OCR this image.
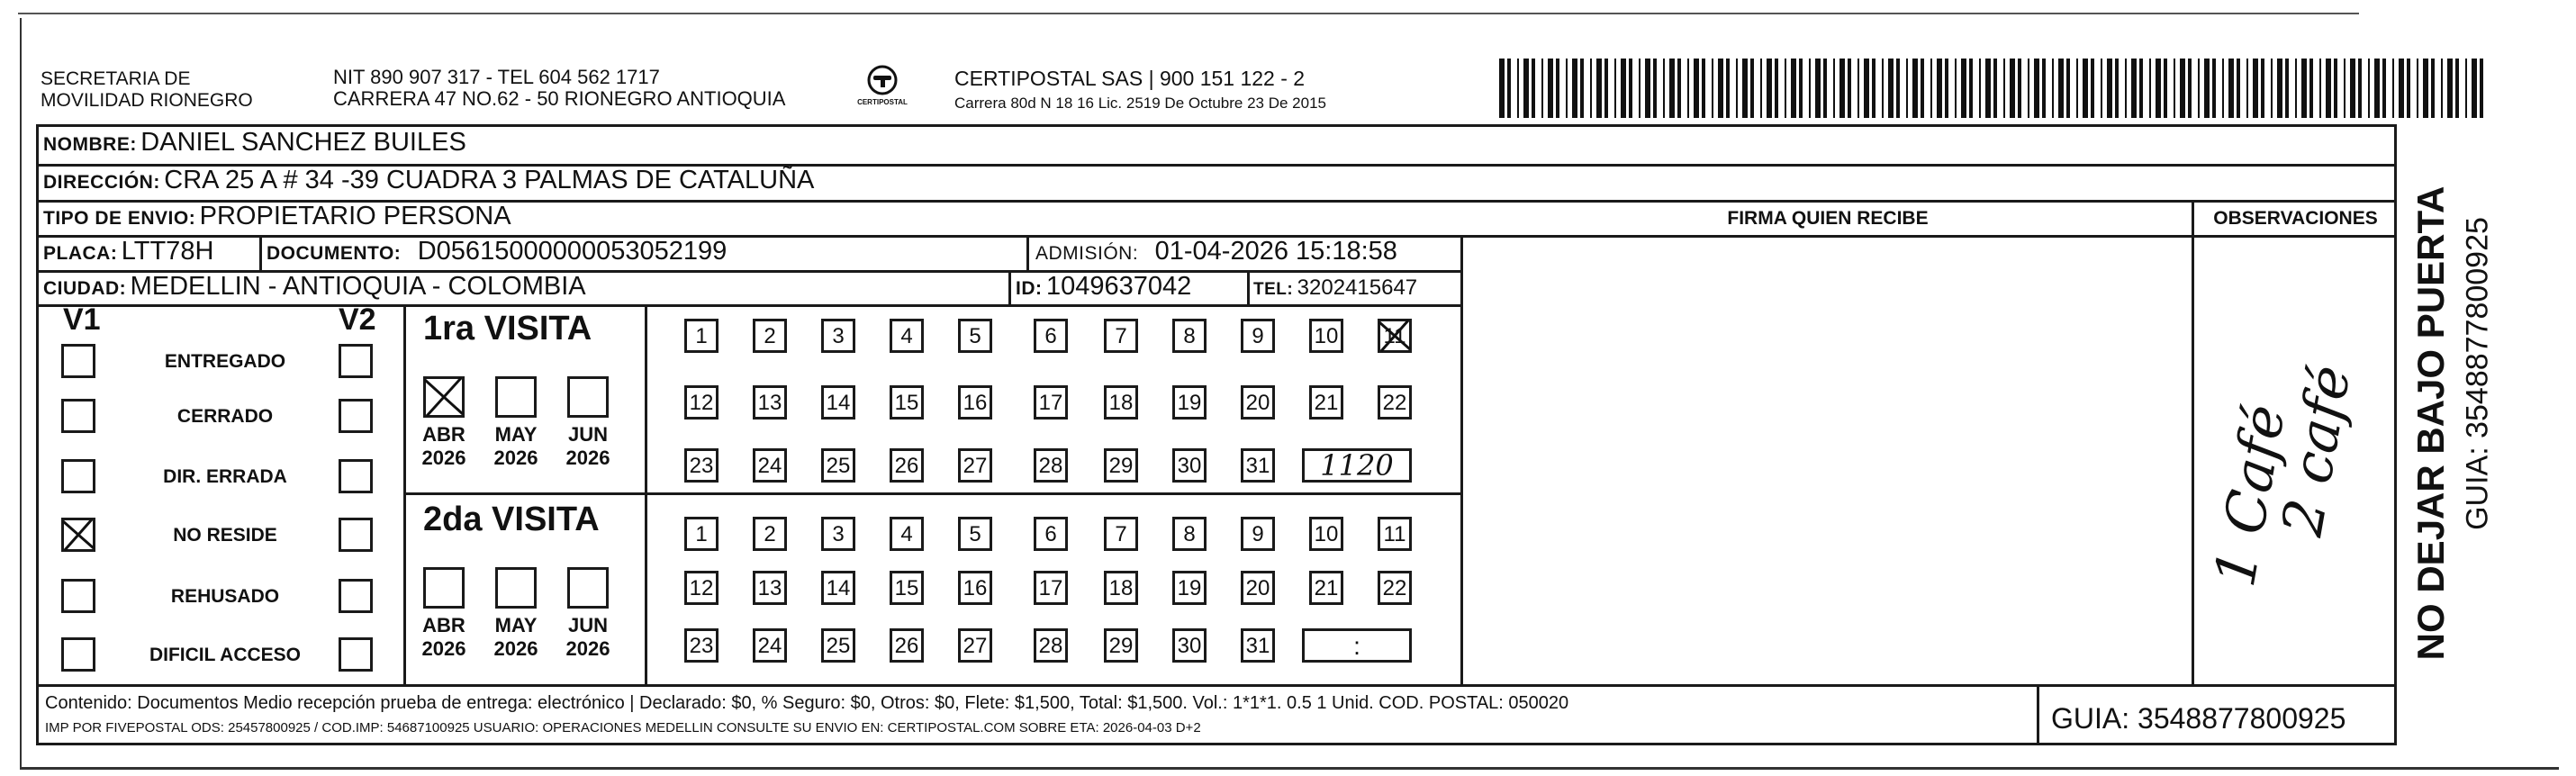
SECRETARIA DE
MOVILIDAD RIONEGRO
NIT 890 907 317 - TEL 604 562 1717
CARRERA 47 NO.62 - 50 RIONEGRO ANTIOQUIA	CERTIPOSTAL
CERTIPOSTAL SAS | 900 151 122 - 2
Carrera 80d N 18 16 Lic. 2519 De Octubre 23 De 2015
NOMBRE: DANIEL SANCHEZ BUILES
DIRECCIÓN: CRA 25 A # 34 -39 CUADRA 3 PALMAS DE CATALUÑA
TIPO DE ENVIO: PROPIETARIO PERSONA	FIRMA QUIEN RECIBE	OBSERVACIONES
PLACA: LTT78H	DOCUMENTO: D05615000000053052199	ADMISIÓN: 01-04-2026 15:18:58
CIUDAD: MEDELLIN - ANTIOQUIA - COLOMBIA	ID: 1049637042	TEL: 3202415647
V1	V2 1ra VISITA
2da VISITA
ENTREGADO
CERRADO
DIR. ERRADA
NO RESIDE
REHUSADO
DIFICIL ACCESO
ABR
2026
MAY
2026
JUN
2026
ABR
2026
MAY
2026
JUN
2026
1	2	3	4	5	6	7	8	9	10 11
12 13 14 15 16 17 18 19 20 21 22
23 24 25 26 27 28 29 30 31	1120
1	2	3	4	5	6	7	8	9	10 11
12 13 14 15 16 17 18 19 20 21 22
23 24 25 26 27 28 29 30 31	:
1 Café
2 café
Contenido: Documentos Medio recepción prueba de entrega: electrónico | Declarado: $0, % Seguro: $0, Otros: $0, Flete: $1,500, Total: $1,500. Vol.: 1*1*1. 0.5 1 Unid. COD. POSTAL: 050020
IMP POR FIVEPOSTAL ODS: 25457800925 / COD.IMP: 54687100925 USUARIO: OPERACIONES MEDELLIN CONSULTE SU ENVIO EN: CERTIPOSTAL.COM SOBRE ETA: 2026-04-03 D+2	GUIA: 3548877800925
NO DEJAR BAJO PUERTA GUIA: 3548877800925
